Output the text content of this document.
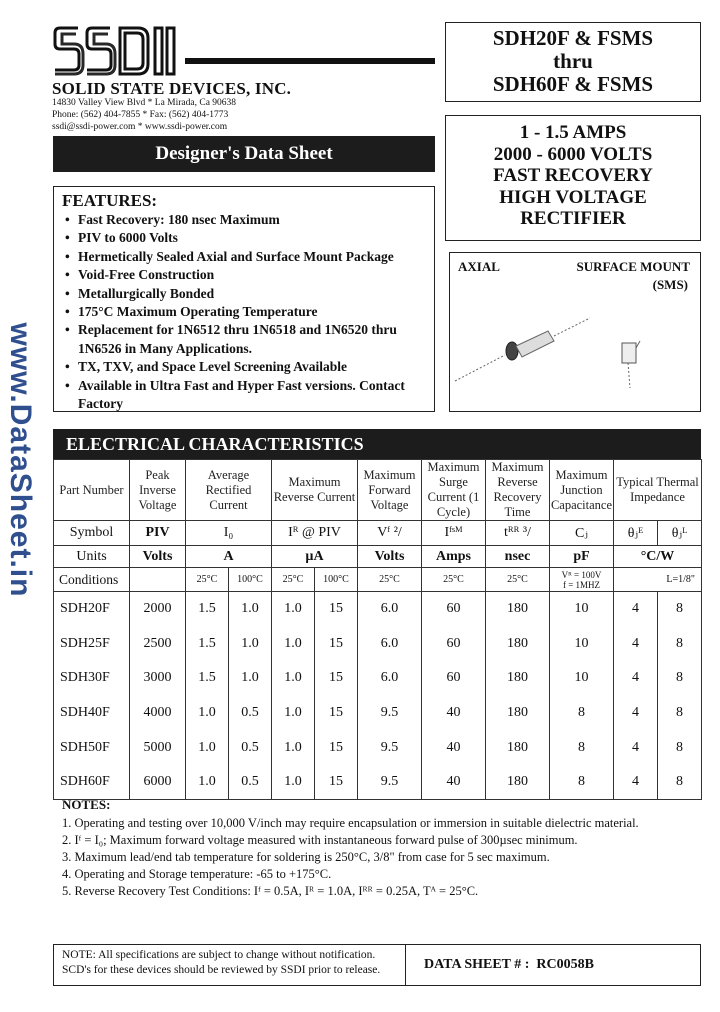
www.DataSheet.in
SOLID STATE DEVICES, INC.
14830 Valley View Blvd * La Mirada, Ca 90638
Phone: (562) 404-7855 * Fax: (562) 404-1773
ssdi@ssdi-power.com * www.ssdi-power.com
SDH20F & FSMS
thru
SDH60F & FSMS
Designer's Data Sheet
1 - 1.5 AMPS
2000 - 6000 VOLTS
FAST RECOVERY
HIGH VOLTAGE
RECTIFIER
FEATURES:
• Fast Recovery: 180 nsec Maximum
• PIV to 6000 Volts
• Hermetically Sealed Axial and Surface Mount Package
• Void-Free Construction
• Metallurgically Bonded
• 175°C Maximum Operating Temperature
• Replacement for 1N6512 thru 1N6518 and 1N6520 thru 1N6526 in Many Applications.
• TX, TXV, and Space Level Screening Available
• Available in Ultra Fast and Hyper Fast versions. Contact Factory
AXIAL	SURFACE MOUNT
(SMS)
ELECTRICAL CHARACTERISTICS
Part Number	Peak Inverse Voltage	Average Rectified Current	Maximum Reverse Current	Maximum Forward Voltage	Maximum Surge Current (1 Cycle)	Maximum Reverse Recovery Time	Maximum Junction Capacitance	Typical Thermal Impedance
Symbol	PIV	I₀	Iᴿ @ PIV	Vᶠ ²/	Iᶠˢᴹ	tᴿᴿ ³/	Cⱼ	θⱼᴱ θⱼᴸ

Units	Volts	A	µA	Volts	Amps	nsec	pF	°C/W
Conditions		25°C 100°C	25°C 100°C	25°C	25°C	25°C	Vᴿ = 100V
f = 1MHZ	L=1/8"
SDH20F	2000	1.5 1.0	1.0 15	6.0	60	180	10	4 8

SDH25F	2500	1.5 1.0	1.0 15	6.0	60	180	10	4 8

SDH30F	3000	1.5 1.0	1.0 15	6.0	60	180	10	4 8

SDH40F	4000	1.0 0.5	1.0 15	9.5	40	180	8	4 8

SDH50F	5000	1.0 0.5	1.0 15	9.5	40	180	8	4 8

SDH60F	6000	1.0 0.5	1.0 15	9.5	40	180	8	4 8
NOTES:
1. Operating and testing over 10,000 V/inch may require encapsulation or immersion in suitable dielectric material.
2. Iᶠ = I₀; Maximum forward voltage measured with instantaneous forward pulse of 300µsec minimum.
3. Maximum lead/end tab temperature for soldering is 250°C, 3/8" from case for 5 sec maximum.
4. Operating and Storage temperature: -65 to +175°C.
5. Reverse Recovery Test Conditions: Iᶠ = 0.5A, Iᴿ = 1.0A, Iᴿᴿ = 0.25A, Tᴬ = 25°C.
NOTE: All specifications are subject to change without notification.
SCD's for these devices should be reviewed by SSDI prior to release.	DATA SHEET # : RC0058B
